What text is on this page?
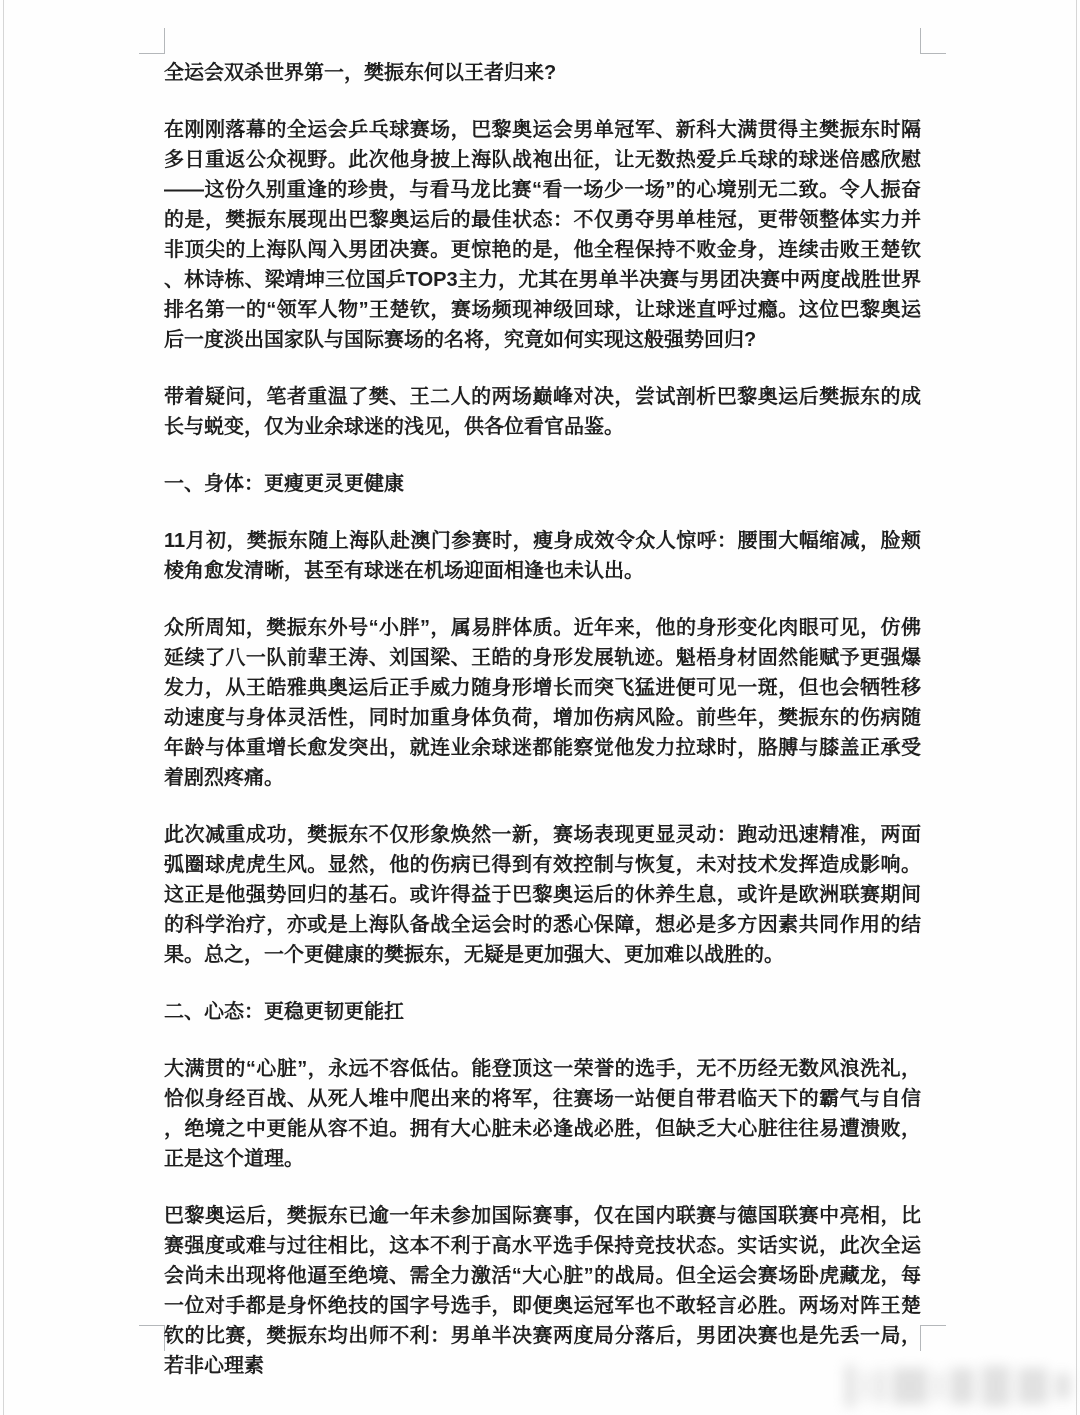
全运会双杀世界第一，樊振东何以王者归来?

在刚刚落幕的全运会乒乓球赛场，巴黎奥运会男单冠军、新科大满贯得主樊振东时隔多日重返公众视野。此次他身披上海队战袍出征，让无数热爱乒乓球的球迷倍感欣慰——这份久别重逢的珍贵，与看马龙比赛“看一场少一场”的心境别无二致。令人振奋的是，樊振东展现出巴黎奥运后的最佳状态：不仅勇夺男单桂冠，更带领整体实力并非顶尖的上海队闯入男团决赛。更惊艳的是，他全程保持不败金身，连续击败王楚钦、林诗栋、梁靖坤三位国乒TOP3主力，尤其在男单半决赛与男团决赛中两度战胜世界排名第一的“领军人物”王楚钦，赛场频现神级回球，让球迷直呼过瘾。这位巴黎奥运后一度淡出国家队与国际赛场的名将，究竟如何实现这般强势回归?

带着疑问，笔者重温了樊、王二人的两场巅峰对决，尝试剖析巴黎奥运后樊振东的成长与蜕变，仅为业余球迷的浅见，供各位看官品鉴。

一、身体：更瘦更灵更健康

11月初，樊振东随上海队赴澳门参赛时，瘦身成效令众人惊呼：腰围大幅缩减，脸颊棱角愈发清晰，甚至有球迷在机场迎面相逢也未认出。

众所周知，樊振东外号“小胖”，属易胖体质。近年来，他的身形变化肉眼可见，仿佛延续了八一队前辈王涛、刘国梁、王皓的身形发展轨迹。魁梧身材固然能赋予更强爆发力，从王皓雅典奥运后正手威力随身形增长而突飞猛进便可见一斑，但也会牺牲移动速度与身体灵活性，同时加重身体负荷，增加伤病风险。前些年，樊振东的伤病随年龄与体重增长愈发突出，就连业余球迷都能察觉他发力拉球时，胳膊与膝盖正承受着剧烈疼痛。

此次减重成功，樊振东不仅形象焕然一新，赛场表现更显灵动：跑动迅速精准，两面弧圈球虎虎生风。显然，他的伤病已得到有效控制与恢复，未对技术发挥造成影响。这正是他强势回归的基石。或许得益于巴黎奥运后的休养生息，或许是欧洲联赛期间的科学治疗，亦或是上海队备战全运会时的悉心保障，想必是多方因素共同作用的结果。总之，一个更健康的樊振东，无疑是更加强大、更加难以战胜的。

二、心态：更稳更韧更能扛

大满贯的“心脏”，永远不容低估。能登顶这一荣誉的选手，无不历经无数风浪洗礼，恰似身经百战、从死人堆中爬出来的将军，往赛场一站便自带君临天下的霸气与自信，绝境之中更能从容不迫。拥有大心脏未必逢战必胜，但缺乏大心脏往往易遭溃败，正是这个道理。

巴黎奥运后，樊振东已逾一年未参加国际赛事，仅在国内联赛与德国联赛中亮相，比赛强度或难与过往相比，这本不利于高水平选手保持竞技状态。实话实说，此次全运会尚未出现将他逼至绝境、需全力激活“大心脏”的战局。但全运会赛场卧虎藏龙，每一位对手都是身怀绝技的国字号选手，即便奥运冠军也不敢轻言必胜。两场对阵王楚钦的比赛，樊振东均出师不利：男单半决赛两度局分落后，男团决赛也是先丢一局，若非心理素
